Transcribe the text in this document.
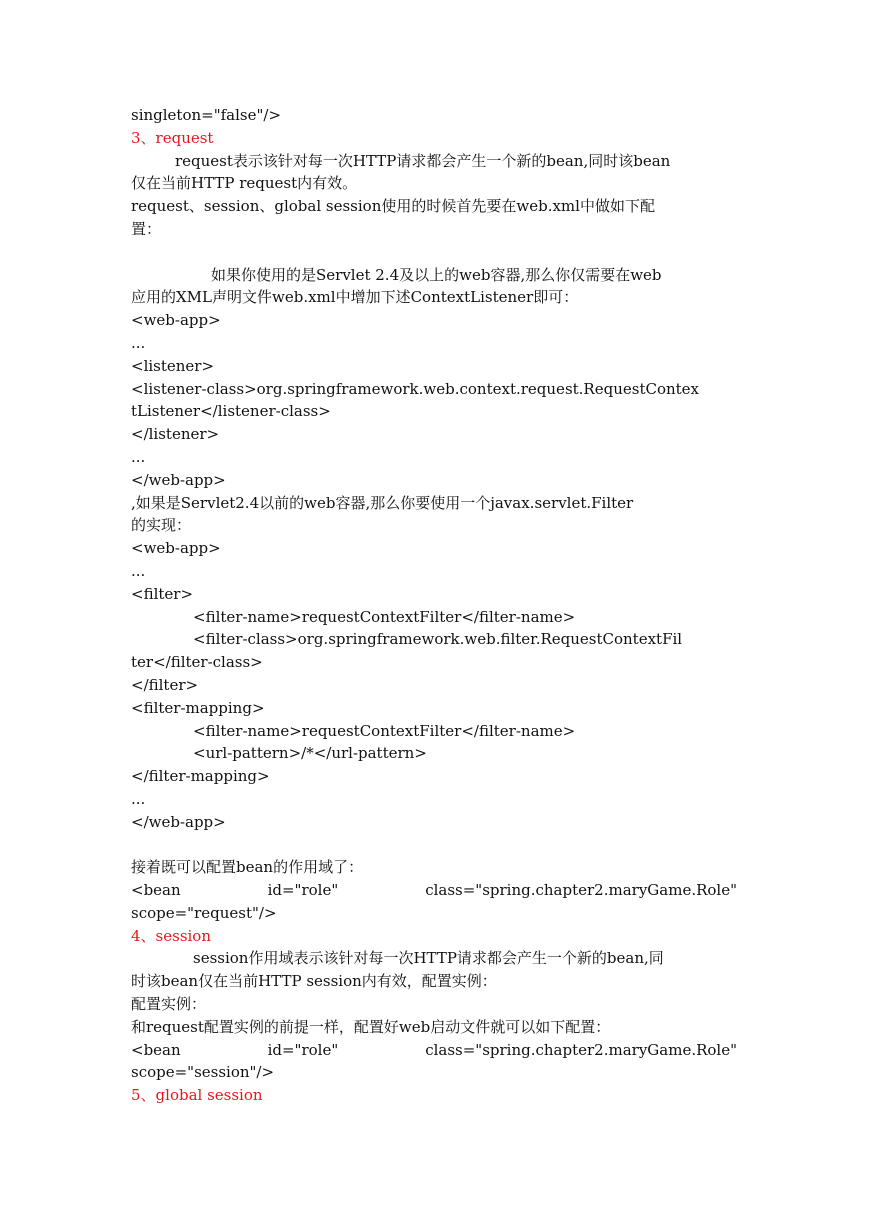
singleton="false"/>
3、request
request表示该针对每一次HTTP请求都会产生一个新的bean,同时该bean
仅在当前HTTP request内有效。
request、session、global session使用的时候首先要在web.xml中做如下配
置：
如果你使用的是Servlet 2.4及以上的web容器,那么你仅需要在web
应用的XML声明文件web.xml中增加下述ContextListener即可：
<web-app>
...
<listener>
<listener-class>org.springframework.web.context.request.RequestContex
tListener</listener-class>
</listener>
...
</web-app>
,如果是Servlet2.4以前的web容器,那么你要使用一个javax.servlet.Filter
的实现：
<web-app>
...
<filter>
<filter-name>requestContextFilter</filter-name>
<filter-class>org.springframework.web.filter.RequestContextFil
ter</filter-class>
</filter>
<filter-mapping>
<filter-name>requestContextFilter</filter-name>
<url-pattern>/*</url-pattern>
</filter-mapping>
...
</web-app>
接着既可以配置bean的作用域了：
<bean	id="role"	class="spring.chapter2.maryGame.Role"
scope="request"/>
4、session
session作用域表示该针对每一次HTTP请求都会产生一个新的bean,同
时该bean仅在当前HTTP session内有效，配置实例：
配置实例：
和request配置实例的前提一样，配置好web启动文件就可以如下配置：
<bean	id="role"	class="spring.chapter2.maryGame.Role"
scope="session"/>
5、global session
